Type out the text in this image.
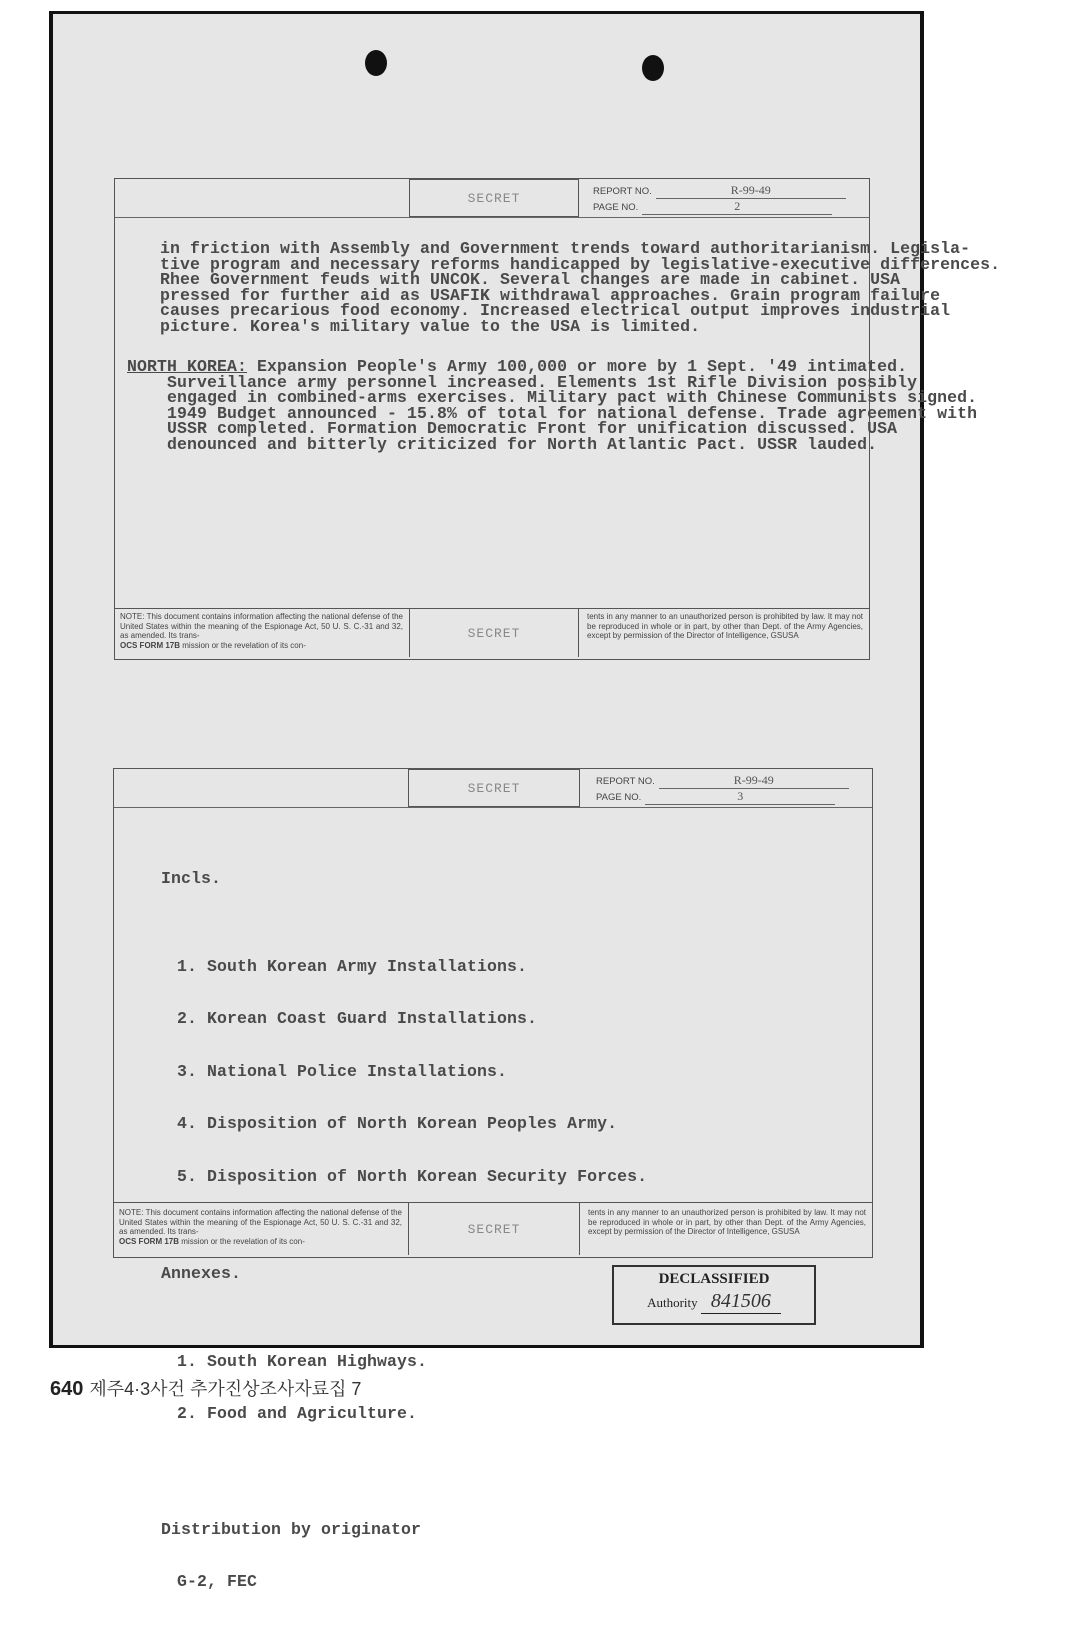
SECRET	REPORT NO.	R-99-49
PAGE NO.	2
in friction with Assembly and Government trends toward authoritarianism. Legisla-
tive program and necessary reforms handicapped by legislative-executive differences.
Rhee Government feuds with UNCOK. Several changes are made in cabinet. USA
pressed for further aid as USAFIK withdrawal approaches. Grain program failure
causes precarious food economy. Increased electrical output improves industrial
picture. Korea's military value to the USA is limited.
NORTH KOREA: Expansion People's Army 100,000 or more by 1 Sept. '49 intimated.
Surveillance army personnel increased. Elements 1st Rifle Division possibly
engaged in combined-arms exercises. Military pact with Chinese Communists signed.
1949 Budget announced - 15.8% of total for national defense. Trade agreement with
USSR completed. Formation Democratic Front for unification discussed. USA
denounced and bitterly criticized for North Atlantic Pact. USSR lauded.
NOTE: This document contains information affecting the national defense of the United States within the meaning of the Espionage Act, 50 U. S. C.-31 and 32, as amended. Its trans-
OCS FORM 17B mission or the revelation of its con-
SECRET
tents in any manner to an unauthorized person is prohibited by law. It may not be reproduced in whole or in part, by other than Dept. of the Army Agencies, except by permission of the Director of Intelligence, GSUSA
SECRET	REPORT NO.	R-99-49
PAGE NO.	3

Incls.

1. South Korean Army Installations.

2. Korean Coast Guard Installations.

3. National Police Installations.

4. Disposition of North Korean Peoples Army.

5. Disposition of North Korean Security Forces.

Annexes.

1. South Korean Highways.

2. Food and Agriculture.

Distribution by originator

G-2, FEC

NOTE: This document contains information affecting the national defense of the United States within the meaning of the Espionage Act, 50 U. S. C.-31 and 32, as amended. Its trans-
OCS FORM 17B mission or the revelation of its con-
SECRET
tents in any manner to an unauthorized person is prohibited by law. It may not be reproduced in whole or in part, by other than Dept. of the Army Agencies, except by permission of the Director of Intelligence, GSUSA
DECLASSIFIED
Authority 841506
640 제주4·3사건 추가진상조사자료집 7
